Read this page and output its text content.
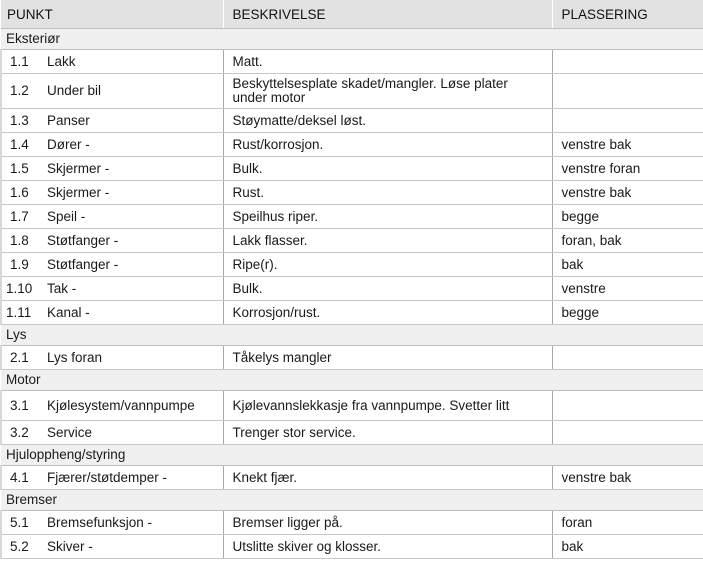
PUNKT		BESKRIVELSE	PLASSERING
Eksteriør			
1.1	Lakk	Matt.	
1.2	Under bil	Beskyttelsesplate skadet/mangler. Løse plater under motor	
1.3	Panser	Støymatte/deksel løst.	
1.4	Dører -	Rust/korrosjon.	venstre bak
1.5	Skjermer -	Bulk.	venstre foran
1.6	Skjermer -	Rust.	venstre bak
1.7	Speil -	Speilhus riper.	begge
1.8	Støtfanger -	Lakk flasser.	foran, bak
1.9	Støtfanger -	Ripe(r).	bak
1.10	Tak -	Bulk.	venstre
1.11	Kanal -	Korrosjon/rust.	begge
Lys			
2.1	Lys foran	Tåkelys mangler	
Motor			
3.1	Kjølesystem/vannpumpe	Kjølevannslekkasje fra vannpumpe. Svetter litt	
3.2	Service	Trenger stor service.	
Hjuloppheng/styring			
4.1	Fjærer/støtdemper -	Knekt fjær.	venstre bak
Bremser			
5.1	Bremsefunksjon -	Bremser ligger på.	foran
5.2	Skiver -	Utslitte skiver og klosser.	bak
